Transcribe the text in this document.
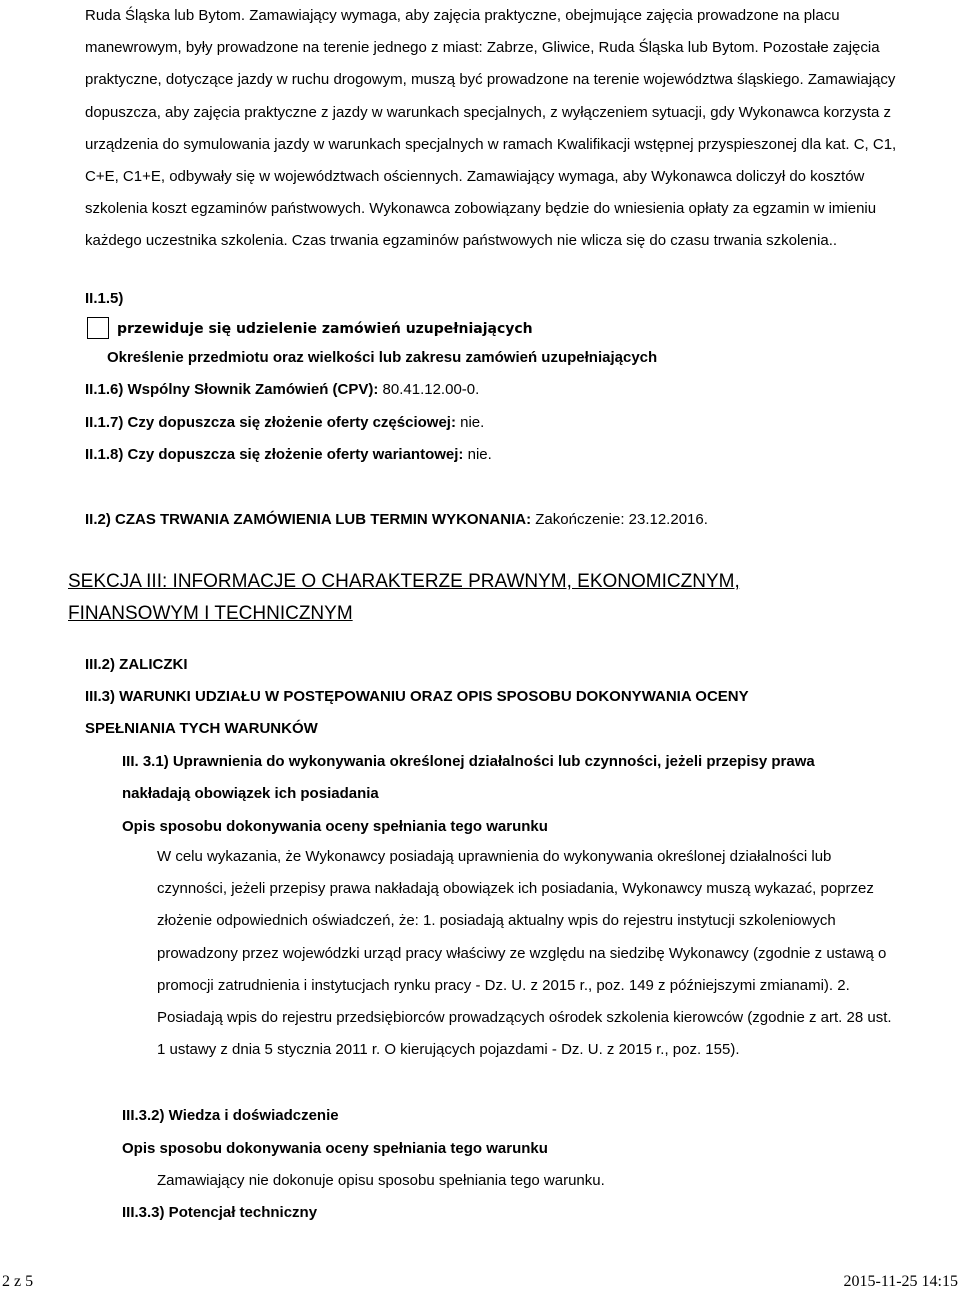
Ruda Śląska lub Bytom. Zamawiający wymaga, aby zajęcia praktyczne, obejmujące zajęcia prowadzone na placu manewrowym, były prowadzone na terenie jednego z miast: Zabrze, Gliwice, Ruda Śląska lub Bytom. Pozostałe zajęcia praktyczne, dotyczące jazdy w ruchu drogowym, muszą być prowadzone na terenie województwa śląskiego. Zamawiający dopuszcza, aby zajęcia praktyczne z jazdy w warunkach specjalnych, z wyłączeniem sytuacji, gdy Wykonawca korzysta z urządzenia do symulowania jazdy w warunkach specjalnych w ramach Kwalifikacji wstępnej przyspieszonej dla kat. C, C1, C+E, C1+E, odbywały się w województwach ościennych. Zamawiający wymaga, aby Wykonawca doliczył do kosztów szkolenia koszt egzaminów państwowych. Wykonawca zobowiązany będzie do wniesienia opłaty za egzamin w imieniu każdego uczestnika szkolenia. Czas trwania egzaminów państwowych nie wlicza się do czasu trwania szkolenia..

II.1.5)
przewiduje się udzielenie zamówień uzupełniających
Określenie przedmiotu oraz wielkości lub zakresu zamówień uzupełniających
II.1.6) Wspólny Słownik Zamówień (CPV): 80.41.12.00-0.
II.1.7) Czy dopuszcza się złożenie oferty częściowej: nie.
II.1.8) Czy dopuszcza się złożenie oferty wariantowej: nie.
II.2) CZAS TRWANIA ZAMÓWIENIA LUB TERMIN WYKONANIA: Zakończenie: 23.12.2016.
SEKCJA III: INFORMACJE O CHARAKTERZE PRAWNYM, EKONOMICZNYM,
FINANSOWYM I TECHNICZNYM
III.2) ZALICZKI
III.3) WARUNKI UDZIAŁU W POSTĘPOWANIU ORAZ OPIS SPOSOBU DOKONYWANIA OCENY
SPEŁNIANIA TYCH WARUNKÓW
III. 3.1) Uprawnienia do wykonywania określonej działalności lub czynności, jeżeli przepisy prawa
nakładają obowiązek ich posiadania
Opis sposobu dokonywania oceny spełniania tego warunku

W celu wykazania, że Wykonawcy posiadają uprawnienia do wykonywania określonej działalności lub czynności, jeżeli przepisy prawa nakładają obowiązek ich posiadania, Wykonawcy muszą wykazać, poprzez złożenie odpowiednich oświadczeń, że: 1. posiadają aktualny wpis do rejestru instytucji szkoleniowych prowadzony przez wojewódzki urząd pracy właściwy ze względu na siedzibę Wykonawcy (zgodnie z ustawą o promocji zatrudnienia i instytucjach rynku pracy - Dz. U. z 2015 r., poz. 149 z późniejszymi zmianami). 2. Posiadają wpis do rejestru przedsiębiorców prowadzących ośrodek szkolenia kierowców (zgodnie z art. 28 ust. 1 ustawy z dnia 5 stycznia 2011 r. O kierujących pojazdami - Dz. U. z 2015 r., poz. 155).

III.3.2) Wiedza i doświadczenie
Opis sposobu dokonywania oceny spełniania tego warunku
Zamawiający nie dokonuje opisu sposobu spełniania tego warunku.
III.3.3) Potencjał techniczny
2 z 5	2015-11-25 14:15
